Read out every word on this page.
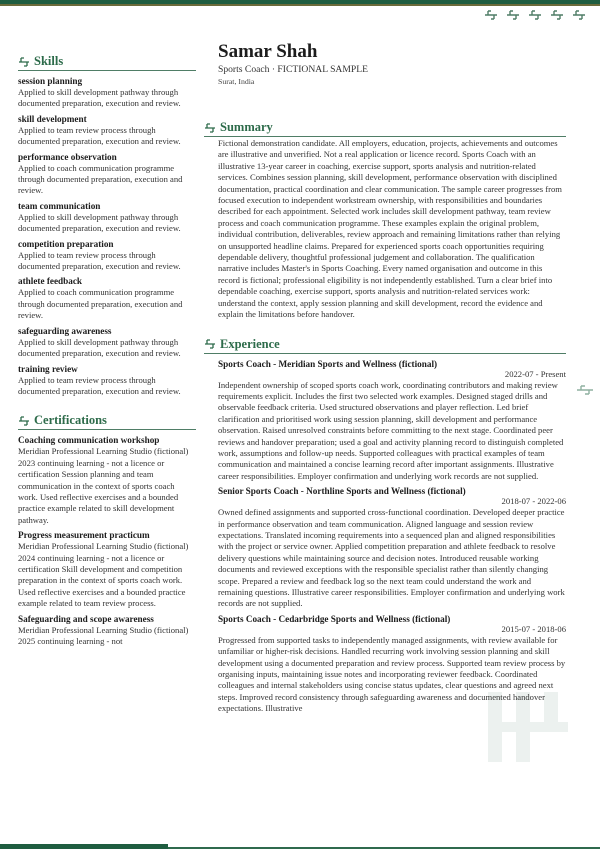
Skills
session planning
Applied to skill development pathway through documented preparation, execution and review.
skill development
Applied to team review process through documented preparation, execution and review.
performance observation
Applied to coach communication programme through documented preparation, execution and review.
team communication
Applied to skill development pathway through documented preparation, execution and review.
competition preparation
Applied to team review process through documented preparation, execution and review.
athlete feedback
Applied to coach communication programme through documented preparation, execution and review.
safeguarding awareness
Applied to skill development pathway through documented preparation, execution and review.
training review
Applied to team review process through documented preparation, execution and review.
Certifications
Coaching communication workshop
Meridian Professional Learning Studio (fictional) 2023 continuing learning - not a licence or certification Session planning and team communication in the context of sports coach work. Used reflective exercises and a bounded practice example related to skill development pathway.
Progress measurement practicum
Meridian Professional Learning Studio (fictional) 2024 continuing learning - not a licence or certification Skill development and competition preparation in the context of sports coach work. Used reflective exercises and a bounded practice example related to team review process.
Safeguarding and scope awareness
Meridian Professional Learning Studio (fictional) 2025 continuing learning - not
Samar Shah
Sports Coach · FICTIONAL SAMPLE
Surat, India
Summary
Fictional demonstration candidate. All employers, education, projects, achievements and outcomes are illustrative and unverified. Not a real application or licence record. Sports Coach with an illustrative 13-year career in coaching, exercise support, sports analysis and nutrition-related services. Combines session planning, skill development, performance observation with disciplined documentation, practical coordination and clear communication. The sample career progresses from focused execution to independent workstream ownership, with responsibilities and boundaries described for each appointment. Selected work includes skill development pathway, team review process and coach communication programme. These examples explain the original problem, individual contribution, deliverables, review approach and remaining limitations rather than relying on unsupported headline claims. Prepared for experienced sports coach opportunities requiring dependable delivery, thoughtful professional judgement and collaboration. The qualification narrative includes Master's in Sports Coaching. Every named organisation and outcome in this record is fictional; professional eligibility is not independently established. Turn a clear brief into dependable coaching, exercise support, sports analysis and nutrition-related services work: understand the context, apply session planning and skill development, record the evidence and explain the limitations before handover.
Experience
Sports Coach - Meridian Sports and Wellness (fictional)
2022-07 - Present
Independent ownership of scoped sports coach work, coordinating contributors and making review requirements explicit. Includes the first two selected work examples. Designed staged drills and observable feedback criteria. Used structured observations and player reflection. Led brief clarification and prioritised work using session planning, skill development and performance observation. Raised unresolved constraints before committing to the next stage. Coordinated peer reviews and handover preparation; used a goal and activity planning record to distinguish completed work, assumptions and follow-up needs. Supported colleagues with practical examples of team communication and maintained a concise learning record after important assignments. Illustrative career responsibilities. Employer confirmation and underlying work records are not supplied.
Senior Sports Coach - Northline Sports and Wellness (fictional)
2018-07 - 2022-06
Owned defined assignments and supported cross-functional coordination. Developed deeper practice in performance observation and team communication. Aligned language and session review expectations. Translated incoming requirements into a sequenced plan and aligned responsibilities with the project or service owner. Applied competition preparation and athlete feedback to resolve delivery questions while maintaining source and decision notes. Introduced reusable working documents and reviewed exceptions with the responsible specialist rather than silently changing scope. Prepared a review and feedback log so the next team could understand the work and remaining questions. Illustrative career responsibilities. Employer confirmation and underlying work records are not supplied.
Sports Coach - Cedarbridge Sports and Wellness (fictional)
2015-07 - 2018-06
Progressed from supported tasks to independently managed assignments, with review available for unfamiliar or higher-risk decisions. Handled recurring work involving session planning and skill development using a documented preparation and review process. Supported team review process by organising inputs, maintaining issue notes and incorporating reviewer feedback. Coordinated colleagues and internal stakeholders using concise status updates, clear questions and agreed next steps. Improved record consistency through safeguarding awareness and documented handover expectations. Illustrative
